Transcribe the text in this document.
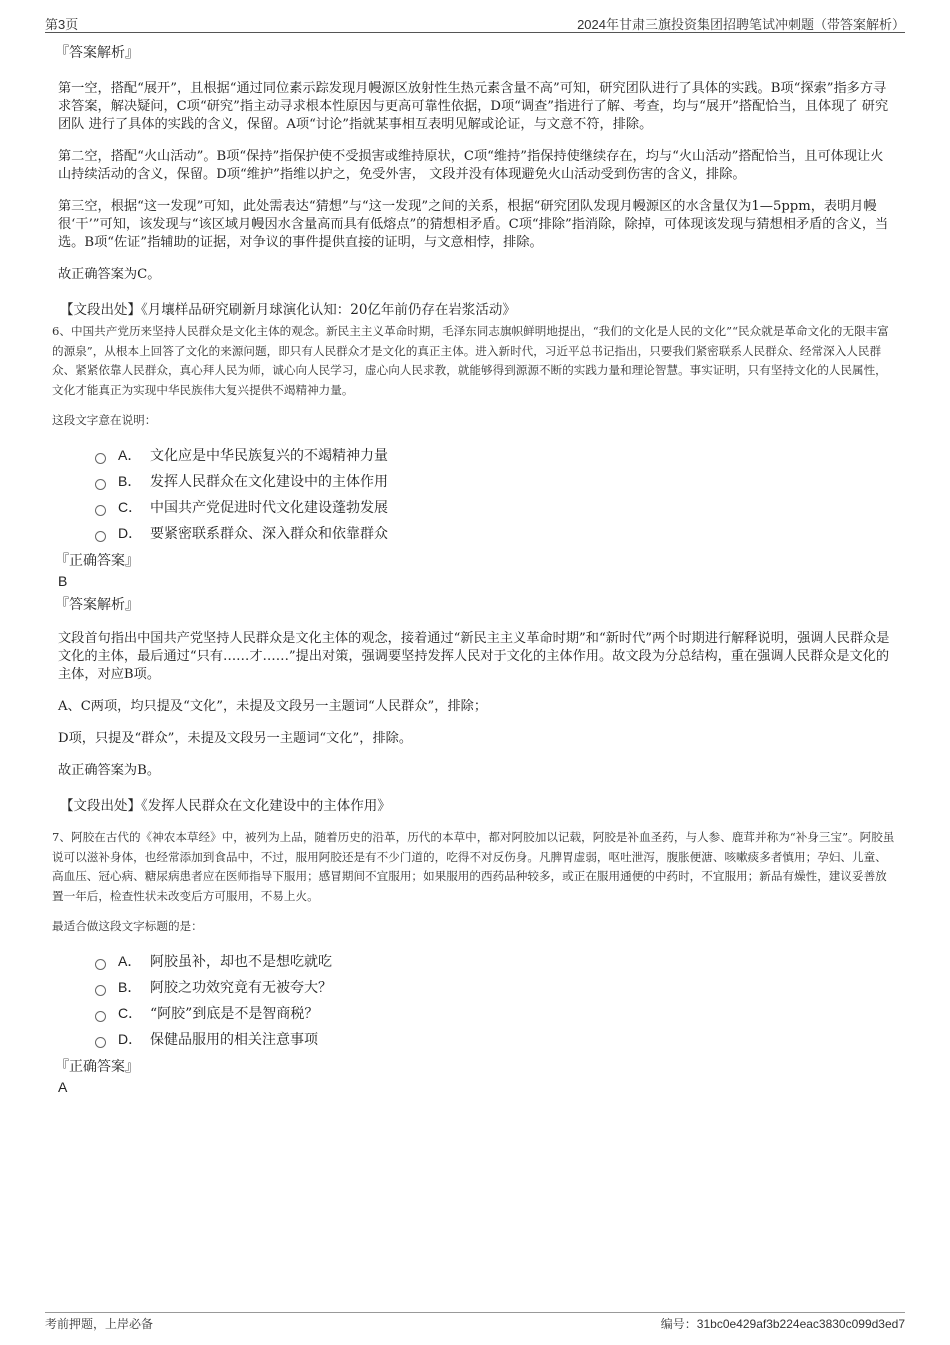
第3页	2024年甘肃三旗投资集团招聘笔试冲刺题（带答案解析）
『答案解析』

第一空，搭配“展开”，且根据“通过同位素示踪发现月幔源区放射性生热元素含量不高”可知，研究团队进行了具体的实践。B项“探索”指多方寻求答案，解决疑问，C项“研究”指主动寻求根本性原因与更高可靠性依据，D项“调查”指进行了解、考查，均与“展开”搭配恰当，且体现了 研究团队 进行了具体的实践的含义，保留。A项“讨论”指就某事相互表明见解或论证，与文意不符，排除。

第二空，搭配“火山活动”。B项“保持”指保护使不受损害或维持原状，C项“维持”指保持使继续存在，均与“火山活动”搭配恰当，且可体现让火山持续活动的含义，保留。D项“维护”指维以护之，免受外害， 文段并没有体现避免火山活动受到伤害的含义，排除。

第三空，根据“这一发现”可知，此处需表达“猜想”与“这一发现”之间的关系，根据“研究团队发现月幔源区的水含量仅为1—5ppm，表明月幔很‘干’”可知，该发现与“该区域月幔因水含量高而具有低熔点”的猜想相矛盾。C项“排除”指消除，除掉，可体现该发现与猜想相矛盾的含义，当选。B项“佐证”指辅助的证据，对争议的事件提供直接的证明，与文意相悖，排除。

故正确答案为C。

【文段出处】《月壤样品研究刷新月球演化认知：20亿年前仍存在岩浆活动》

6、中国共产党历来坚持人民群众是文化主体的观念。新民主主义革命时期，毛泽东同志旗帜鲜明地提出，“我们的文化是人民的文化”“民众就是革命文化的无限丰富的源泉”，从根本上回答了文化的来源问题，即只有人民群众才是文化的真正主体。进入新时代，习近平总书记指出，只要我们紧密联系人民群众、经常深入人民群众、紧紧依靠人民群众，真心拜人民为师，诚心向人民学习，虚心向人民求教，就能够得到源源不断的实践力量和理论智慧。事实证明，只有坚持文化的人民属性，文化才能真正为实现中华民族伟大复兴提供不竭精神力量。

这段文字意在说明：
A． 文化应是中华民族复兴的不竭精神力量
B． 发挥人民群众在文化建设中的主体作用
C． 中国共产党促进时代文化建设蓬勃发展
D． 要紧密联系群众、深入群众和依靠群众
『正确答案』
B
『答案解析』

文段首句指出中国共产党坚持人民群众是文化主体的观念，接着通过“新民主主义革命时期”和“新时代”两个时期进行解释说明，强调人民群众是文化的主体，最后通过“只有……才……”提出对策，强调要坚持发挥人民对于文化的主体作用。故文段为分总结构，重在强调人民群众是文化的主体，对应B项。

A、C两项，均只提及“文化”，未提及文段另一主题词“人民群众”，排除；

D项，只提及“群众”，未提及文段另一主题词“文化”，排除。

故正确答案为B。

【文段出处】《发挥人民群众在文化建设中的主体作用》

7、阿胶在古代的《神农本草经》中，被列为上品，随着历史的沿革，历代的本草中，都对阿胶加以记载，阿胶是补血圣药，与人参、鹿茸并称为“补身三宝”。阿胶虽说可以滋补身体，也经常添加到食品中，不过，服用阿胶还是有不少门道的，吃得不对反伤身。凡脾胃虚弱，呕吐泄泻，腹胀便溏、咳嗽痰多者慎用；孕妇、儿童、高血压、冠心病、糖尿病患者应在医师指导下服用；感冒期间不宜服用；如果服用的西药品种较多，或正在服用通便的中药时，不宜服用；新品有燥性，建议妥善放置一年后，检查性状未改变后方可服用，不易上火。

最适合做这段文字标题的是：
A． 阿胶虽补，却也不是想吃就吃
B． 阿胶之功效究竟有无被夸大？
C． “阿胶”到底是不是智商税？
D． 保健品服用的相关注意事项
『正确答案』
A
考前押题，上岸必备	编号：31bc0e429af3b224eac3830c099d3ed7
